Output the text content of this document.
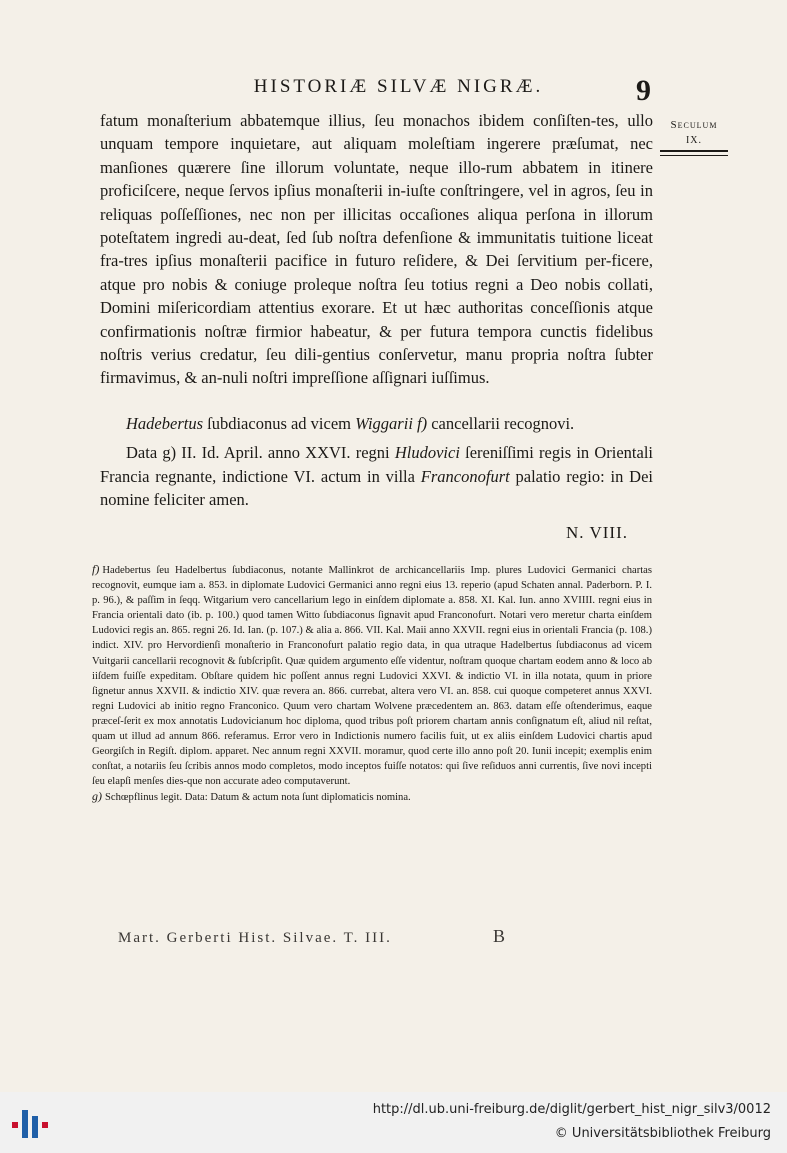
HISTORIÆ SILVÆ NIGRÆ.	9
Seculum
IX.

fatum monaſterium abbatemque illius, ſeu monachos ibidem conſiſten-tes, ullo unquam tempore inquietare, aut aliquam moleſtiam ingerere præſumat, nec manſiones quærere ſine illorum voluntate, neque illo-rum abbatem in itinere proficiſcere, neque ſervos ipſius monaſterii in-iuſte conſtringere, vel in agros, ſeu in reliquas poſſeſſiones, nec non per illicitas occaſiones aliqua perſona in illorum poteſtatem ingredi au-deat, ſed ſub noſtra defenſione & immunitatis tuitione liceat fra-tres ipſius monaſterii pacifice in futuro reſidere, & Dei ſervitium per-ficere, atque pro nobis & coniuge proleque noſtra ſeu totius regni a Deo nobis collati, Domini miſericordiam attentius exorare. Et ut hæc authoritas conceſſionis atque confirmationis noſtræ firmior habeatur, & per futura tempora cunctis fidelibus noſtris verius credatur, ſeu dili-gentius conſervetur, manu propria noſtra ſubter firmavimus, & an-nuli noſtri impreſſione aſſignari iuſſimus.

Hadebertus ſubdiaconus ad vicem Wiggarii f) cancellarii recognovi.

Data g) II. Id. April. anno XXVI. regni Hludovici ſereniſſimi regis in Orientali Francia regnante, indictione VI. actum in villa Franconofurt palatio regio: in Dei nomine feliciter amen.

N. VIII.

f) Hadebertus ſeu Hadelbertus ſubdiaconus, notante Mallinkrot de archicancellariis Imp. plures Ludovici Germanici chartas recognovit, eumque iam a. 853. in diplomate Ludovici Germanici anno regni eius 13. reperio (apud Schaten annal. Paderborn. P. I. p. 96.), & paſſim in ſeqq. Witgarium vero cancellarium lego in einſdem diplomate a. 858. XI. Kal. Iun. anno XVIIII. regni eius in Francia orientali dato (ib. p. 100.) quod tamen Witto ſubdiaconus ſignavit apud Franconofurt. Notari vero meretur charta einſdem Ludovici regis an. 865. regni 26. Id. Ian. (p. 107.) & alia a. 866. VII. Kal. Maii anno XXVII. regni eius in orientali Francia (p. 108.) indict. XIV. pro Hervordienſi monaſterio in Franconofurt palatio regio data, in qua utraque Hadelbertus ſubdiaconus ad vicem Vuitgarii cancellarii recognovit & ſubſcripſit. Quæ quidem argumento eſſe videntur, noſtram quoque chartam eodem anno & loco ab iiſdem fuiſſe expeditam. Obſtare quidem hic poſſent annus regni Ludovici XXVI. & indictio VI. in illa notata, quum in priore ſignetur annus XXVII. & indictio XIV. quæ revera an. 866. currebat, altera vero VI. an. 858. cui quoque competeret annus XXVI. regni Ludovici ab initio regno Franconico. Quum vero chartam Wolvene præcedentem an. 863. datam eſſe oſtenderimus, eaque præceſ-ſerit ex mox annotatis Ludovicianum hoc diploma, quod tribus poſt priorem chartam annis conſignatum eſt, aliud nil reſtat, quam ut illud ad annum 866. referamus. Error vero in Indictionis numero facilis fuit, ut ex aliis einſdem Ludovici chartis apud Georgiſch in Regiſt. diplom. apparet. Nec annum regni XXVII. moramur, quod certe illo anno poſt 20. Iunii incepit; exemplis enim conſtat, a notariis ſeu ſcribis annos modo completos, modo inceptos fuiſſe notatos: qui ſive reſiduos anni currentis, ſive novi incepti ſeu elapſi menſes dies-que non accurate adeo computaverunt.

g) Schœpflinus legit. Data: Datum & actum nota ſunt diplomaticis nomina.

Mart. Gerberti Hist. Silvae. T. III.	B
http://dl.ub.uni-freiburg.de/diglit/gerbert_hist_nigr_silv3/0012
© Universitätsbibliothek Freiburg
